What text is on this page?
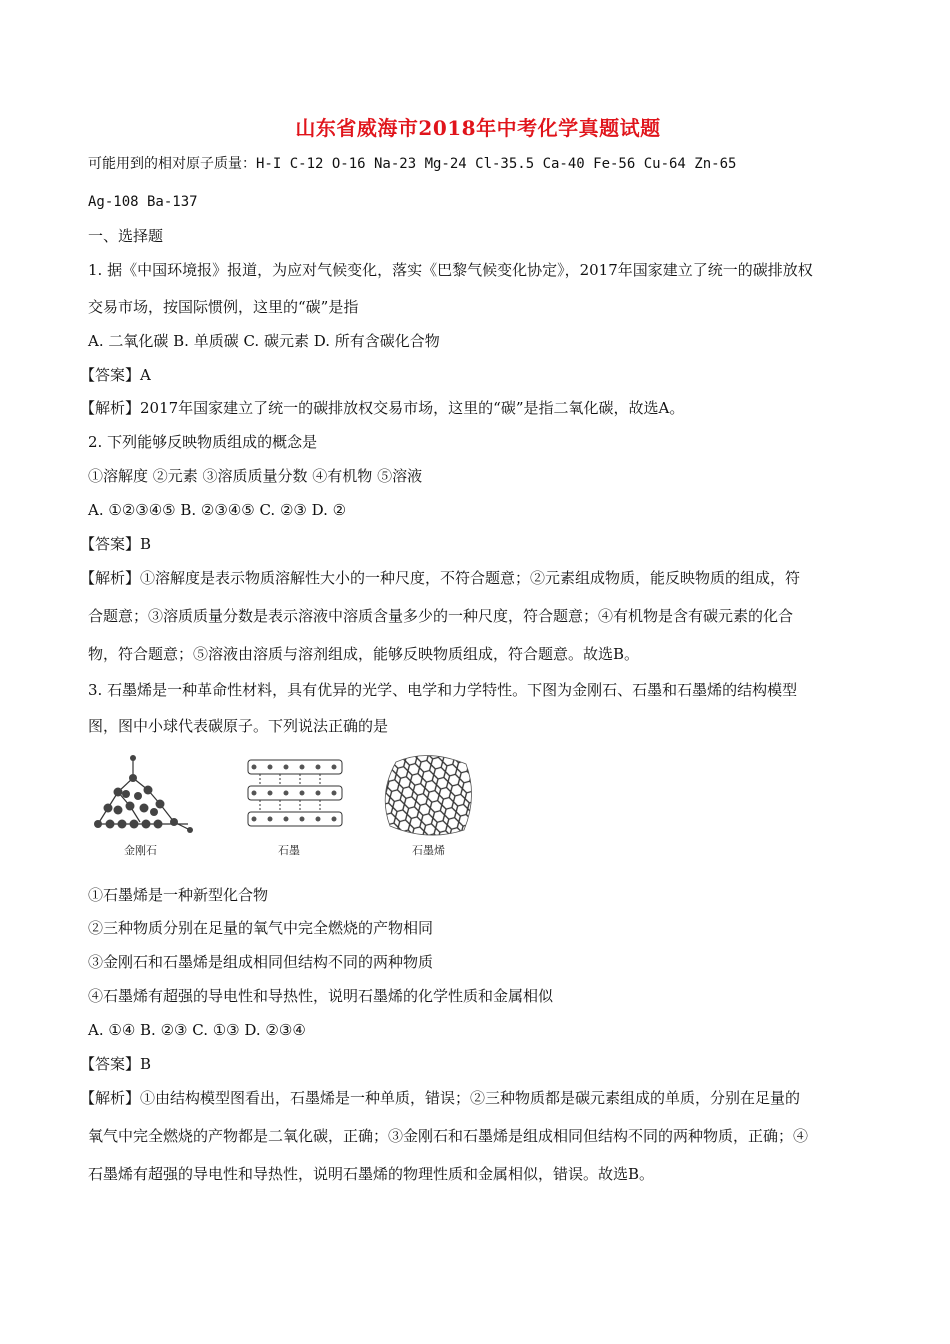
山东省威海市2018年中考化学真题试题
可能用到的相对原子质量：H-I C-12 O-16 Na-23 Mg-24 Cl-35.5 Ca-40 Fe-56 Cu-64 Zn-65
Ag-108 Ba-137
一、选择题
1. 据《中国环境报》报道，为应对气候变化，落实《巴黎气候变化协定》，2017年国家建立了统一的碳排放权
交易市场，按国际惯例，这里的“碳”是指
A. 二氧化碳 B. 单质碳 C. 碳元素 D. 所有含碳化合物
【答案】A
【解析】2017年国家建立了统一的碳排放权交易市场，这里的“碳”是指二氧化碳，故选A。
2. 下列能够反映物质组成的概念是
①溶解度 ②元素 ③溶质质量分数 ④有机物 ⑤溶液
A. ①②③④⑤ B. ②③④⑤ C. ②③ D. ②
【答案】B
【解析】①溶解度是表示物质溶解性大小的一种尺度，不符合题意；②元素组成物质，能反映物质的组成，符
合题意；③溶质质量分数是表示溶液中溶质含量多少的一种尺度，符合题意；④有机物是含有碳元素的化合
物，符合题意；⑤溶液由溶质与溶剂组成，能够反映物质组成，符合题意。故选B。
3. 石墨烯是一种革命性材料，具有优异的光学、电学和力学特性。下图为金刚石、石墨和石墨烯的结构模型
图，图中小球代表碳原子。下列说法正确的是
金刚石	石墨	石墨烯
①石墨烯是一种新型化合物
②三种物质分别在足量的氧气中完全燃烧的产物相同
③金刚石和石墨烯是组成相同但结构不同的两种物质
④石墨烯有超强的导电性和导热性，说明石墨烯的化学性质和金属相似
A. ①④ B. ②③ C. ①③ D. ②③④
【答案】B
【解析】①由结构模型图看出，石墨烯是一种单质，错误；②三种物质都是碳元素组成的单质，分别在足量的
氧气中完全燃烧的产物都是二氧化碳，正确；③金刚石和石墨烯是组成相同但结构不同的两种物质，正确；④
石墨烯有超强的导电性和导热性，说明石墨烯的物理性质和金属相似，错误。故选B。
